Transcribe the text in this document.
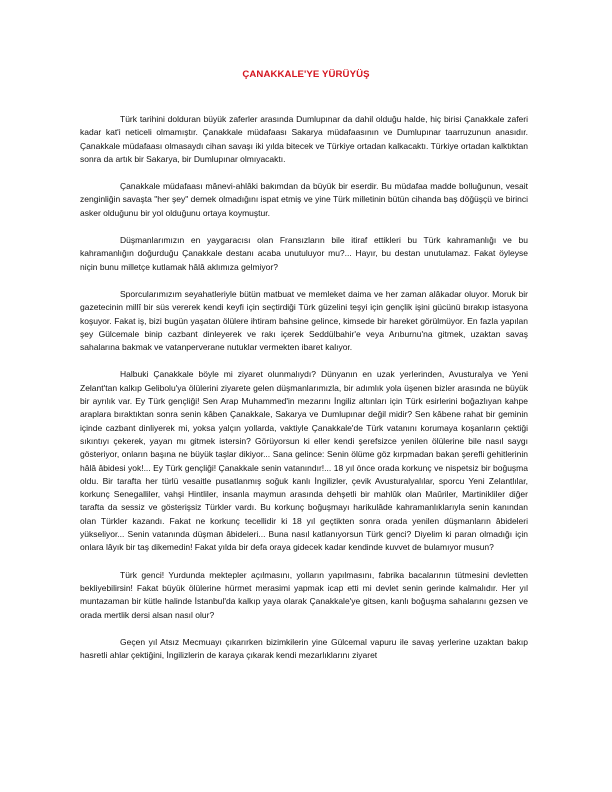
ÇANAKKALE'YE YÜRÜYÜŞ

Türk tarihini dolduran büyük zaferler arasında Dumlupınar da dahil olduğu halde, hiç birisi Çanakkale zaferi kadar kat'i neticeli olmamıştır. Çanakkale müdafaası Sakarya müdafaasının ve Dumlupınar taarruzunun anasıdır. Çanakkale müdafaası olmasaydı cihan savaşı iki yılda bitecek ve Türkiye ortadan kalkacaktı. Türkiye ortadan kalktıktan sonra da artık bir Sakarya, bir Dumlupınar olmıyacaktı.

Çanakkale müdafaası mânevi-ahlâki bakımdan da büyük bir eserdir. Bu müdafaa madde bolluğunun, vesait zenginliğin savaşta "her şey" demek olmadığını ispat etmiş ve yine Türk milletinin bütün cihanda baş döğüşçü ve birinci asker olduğunu bir yol olduğunu ortaya koymuştur.

Düşmanlarımızın en yaygaracısı olan Fransızların bile itiraf ettikleri bu Türk kahramanlığı ve bu kahramanlığın doğurduğu Çanakkale destanı acaba unutuluyor mu?... Hayır, bu destan unutulamaz. Fakat öyleyse niçin bunu milletçe kutlamak hâlâ aklımıza gelmiyor?

Sporcularımızım seyahatleriyle bütün matbuat ve memleket daima ve her zaman alâkadar oluyor. Moruk bir gazetecinin millî bir süs vererek kendi keyfi için seçtirdiği Türk güzelini teşyi için gençlik işini gücünü bırakıp istasyona koşuyor. Fakat iş, bizi bugün yaşatan ölülere ihtiram bahsine gelince, kimsede bir hareket görülmüyor. En fazla yapılan şey Gülcemale binip cazbant dinleyerek ve rakı içerek Seddülbahir'e veya Arıburnu'na gitmek, uzaktan savaş sahalarına bakmak ve vatanperverane nutuklar vermekten ibaret kalıyor.

Halbuki Çanakkale böyle mi ziyaret olunmalıydı? Dünyanın en uzak yerlerinden, Avusturalya ve Yeni Zelant'tan kalkıp Gelibolu'ya ölülerini ziyarete gelen düşmanlarımızla, bir adımlık yola üşenen bizler arasında ne büyük bir ayrılık var. Ey Türk gençliği! Sen Arap Muhammed'in mezarını İngiliz altınları için Türk esirlerini boğazlıyan kahpe araplara bıraktıktan sonra senin kâben Çanakkale, Sakarya ve Dumlupınar değil midir? Sen kâbene rahat bir geminin içinde cazbant dinliyerek mi, yoksa yalçın yollarda, vaktiyle Çanakkale'de Türk vatanını korumaya koşanların çektiği sıkıntıyı çekerek, yayan mı gitmek istersin? Görüyorsun ki eller kendi şerefsizce yenilen ölülerine bile nasıl saygı gösteriyor, onların başına ne büyük taşlar dikiyor... Sana gelince: Senin ölüme göz kırpmadan bakan şerefli gehitlerinin hâlâ âbidesi yok!... Ey Türk gençliği! Çanakkale senin vatanındır!... 18 yıl önce orada korkunç ve nispetsiz bir boğuşma oldu. Bir tarafta her türlü vesaitle pusatlanmış soğuk kanlı İngilizler, çevik Avusturalyalılar, sporcu Yeni Zelantlılar, korkunç Senegalliler, vahşi Hintliler, insanla maymun arasında dehşetli bir mahlûk olan Maûriler, Martinikliler diğer tarafta da sessiz ve gösterişsiz Türkler vardı. Bu korkunç boğuşmayı harikulâde kahramanlıklarıyla senin kanından olan Türkler kazandı. Fakat ne korkunç tecellidir ki 18 yıl geçtikten sonra orada yenilen düşmanların âbideleri yükseliyor... Senin vatanında düşman âbideleri... Buna nasıl katlanıyorsun Türk genci? Diyelim ki paran olmadığı için onlara lâyık bir taş dikemedin! Fakat yılda bir defa oraya gidecek kadar kendinde kuvvet de bulamıyor musun?

Türk genci! Yurdunda mektepler açılmasını, yolların yapılmasını, fabrika bacalarının tütmesini devletten bekliyebilirsin! Fakat büyük ölülerine hürmet merasimi yapmak icap etti mi devlet senin gerinde kalmalıdır. Her yıl muntazaman bir kütle halinde İstanbul'da kalkıp yaya olarak Çanakkale'ye gitsen, kanlı boğuşma sahalarını gezsen ve orada mertlik dersi alsan nasıl olur?

Geçen yıl Atsız Mecmuayı çıkarırken bizimkilerin yine Gülcemal vapuru ile savaş yerlerine uzaktan bakıp hasretli ahlar çektiğini, İngilizlerin de karaya çıkarak kendi mezarlıklarını ziyaret
